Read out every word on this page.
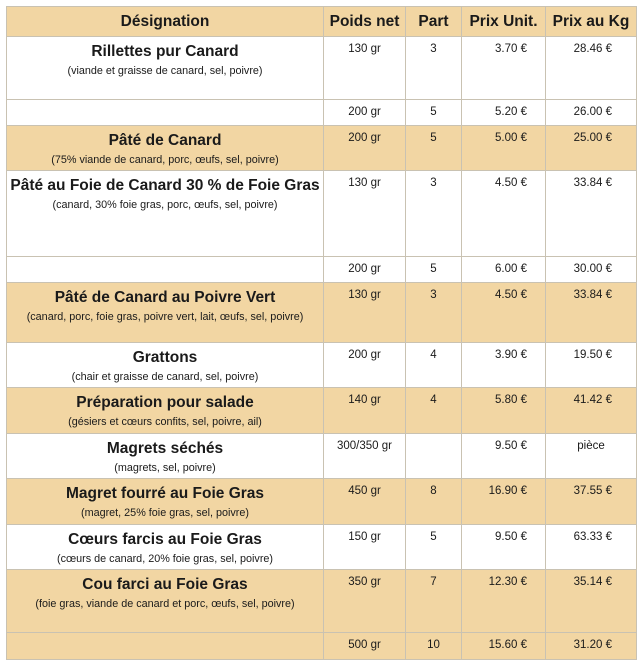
Désignation	Poids net	Part	Prix Unit.	Prix au Kg

Rillettes pur Canard
(viande et graisse de canard, sel, poivre)	130 gr	3	3.70 €	28.46 €
	200 gr	5	5.20 €	26.00 €

Pâté de Canard
(75% viande de canard, porc, œufs, sel, poivre)	200 gr	5	5.00 €	25.00 €

Pâté au Foie de Canard 30 % de Foie Gras
(canard, 30% foie gras, porc, œufs, sel, poivre)	130 gr	3	4.50 €	33.84 €
	200 gr	5	6.00 €	30.00 €

Pâté de Canard au Poivre Vert
(canard, porc, foie gras, poivre vert, lait, œufs, sel, poivre)	130 gr	3	4.50 €	33.84 €

Grattons
(chair et graisse de canard, sel, poivre)	200 gr	4	3.90 €	19.50 €

Préparation pour salade
(gésiers et cœurs confits, sel, poivre, ail)	140 gr	4	5.80 €	41.42 €

Magrets séchés
(magrets, sel, poivre)	300/350 gr		9.50 €	pièce

Magret fourré au Foie Gras
(magret, 25% foie gras, sel, poivre)	450 gr	8	16.90 €	37.55 €

Cœurs farcis au Foie Gras
(cœurs de canard, 20% foie gras, sel, poivre)	150 gr	5	9.50 €	63.33 €

Cou farci au Foie Gras
(foie gras, viande de canard et porc, œufs, sel, poivre)	350 gr	7	12.30 €	35.14 €
	500 gr	10	15.60 €	31.20 €
